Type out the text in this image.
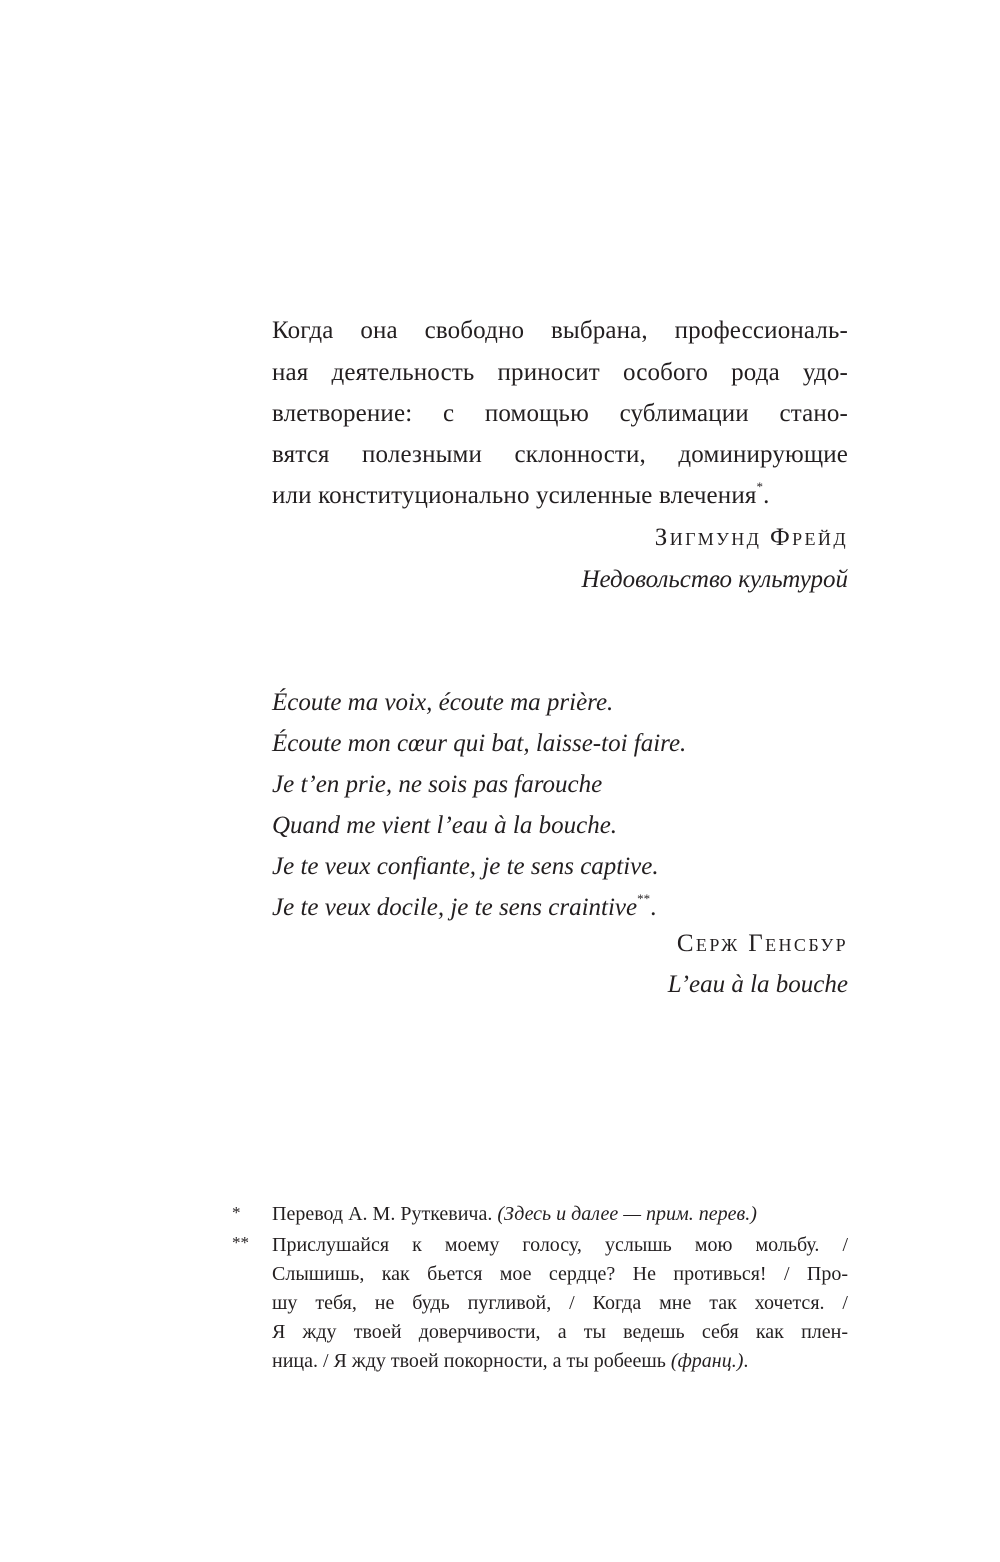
Когда она свободно выбрана, профессиональ-
ная деятельность приносит особого рода удо-
влетворение: с помощью сублимации стано-
вятся полезными склонности, доминирующие
или конституционально усиленные влечения*.
Зигмунд Фрейд
Недовольство культурой
Écoute ma voix, écoute ma prière.
Écoute mon cœur qui bat, laisse-toi faire.
Je t’en prie, ne sois pas farouche
Quand me vient l’eau à la bouche.
Je te veux confiante, je te sens captive.
Je te veux docile, je te sens craintive**.
Серж Генсбур
L’eau à la bouche
* Перевод А. М. Руткевича. (Здесь и далее — прим. перев.)
** Прислушайся к моему голосу, услышь мою мольбу. /
Слышишь, как бьется мое сердце? Не противься! / Про-
шу тебя, не будь пугливой, / Когда мне так хочется. /
Я жду твоей доверчивости, а ты ведешь себя как плен-
ница. / Я жду твоей покорности, а ты робеешь (франц.).
